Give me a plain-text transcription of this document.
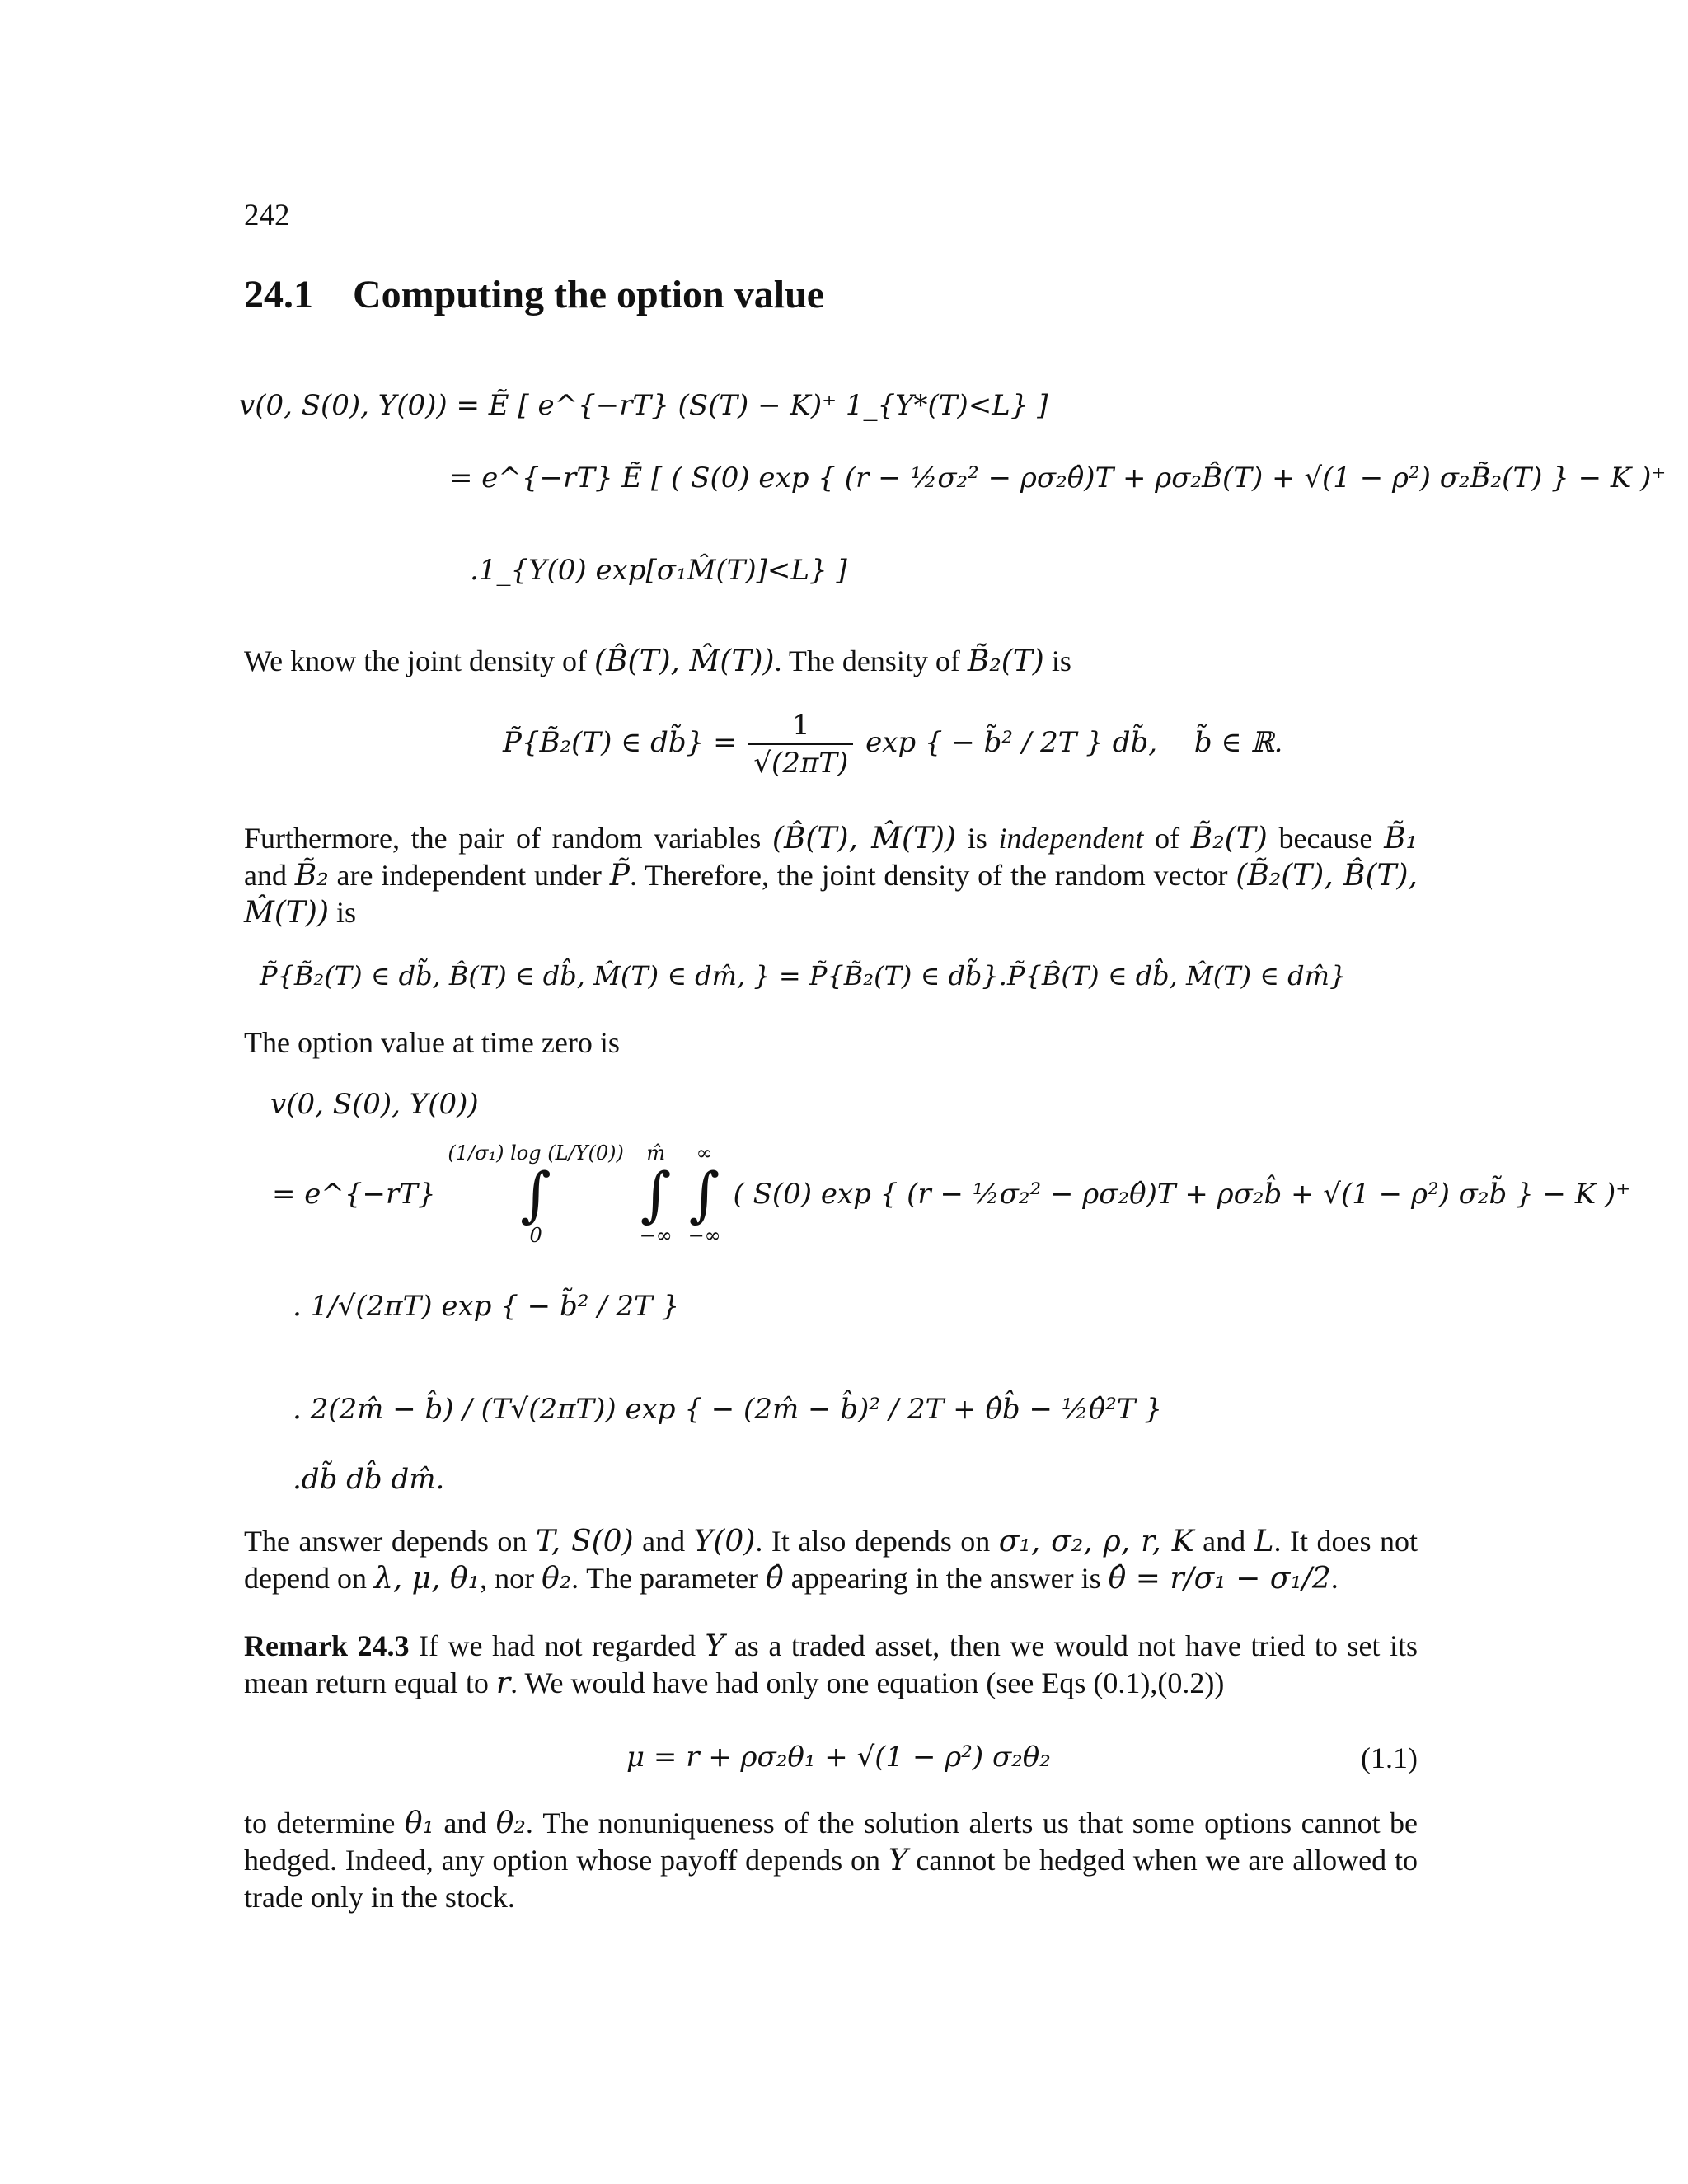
242
24.1 Computing the option value
v(0, S(0), Y(0)) = Ẽ [ e^{−rT} (S(T) − K)⁺ 1_{Y*(T)<L} ]
= e^{−rT} Ẽ [ ( S(0) exp { (r − ½σ₂² − ρσ₂θ̂)T + ρσ₂B̂(T) + √(1 − ρ²) σ₂B̃₂(T) } − K )⁺
.1_{Y(0) exp[σ₁M̂(T)]<L} ]
We know the joint density of (B̂(T), M̂(T)). The density of B̃₂(T) is
P̃{B̃₂(T) ∈ db̃} = $\frac{1}{√(2\pi T)}$ exp { − b̃² / 2T } db̃, b̃ ∈ ℝ.
Furthermore, the pair of random variables (B̂(T), M̂(T)) is independent of B̃₂(T) because B̃₁ and B̃₂ are independent under P̃. Therefore, the joint density of the random vector (B̃₂(T), B̂(T), M̂(T)) is
P̃{B̃₂(T) ∈ db̃, B̂(T) ∈ db̂, M̂(T) ∈ dm̂, } = P̃{B̃₂(T) ∈ db̃}.P̃{B̂(T) ∈ db̂, M̂(T) ∈ dm̂}
The option value at time zero is
v(0, S(0), Y(0))
= e^{−rT}
(1/σ₁) log (L/Y(0))
∫
0

m̂
∫
−∞

∞
∫
−∞
( S(0) exp { (r − ½σ₂² − ρσ₂θ̂)T + ρσ₂b̂ + √(1 − ρ²) σ₂b̃ } − K )⁺
. 1/√(2πT) exp { − b̃² / 2T }
. 2(2m̂ − b̂) / (T√(2πT)) exp { − (2m̂ − b̂)² / 2T + θ̂b̂ − ½θ̂²T }
.db̃ db̂ dm̂.
The answer depends on T, S(0) and Y(0). It also depends on σ₁, σ₂, ρ, r, K and L. It does not depend on λ, μ, θ₁, nor θ₂. The parameter θ̂ appearing in the answer is θ̂ = r/σ₁ − σ₁/2.
Remark 24.3 If we had not regarded Y as a traded asset, then we would not have tried to set its mean return equal to r. We would have had only one equation (see Eqs (0.1),(0.2))
μ = r + ρσ₂θ₁ + √(1 − ρ²) σ₂θ₂	(1.1)
to determine θ₁ and θ₂. The nonuniqueness of the solution alerts us that some options cannot be hedged. Indeed, any option whose payoff depends on Y cannot be hedged when we are allowed to trade only in the stock.
